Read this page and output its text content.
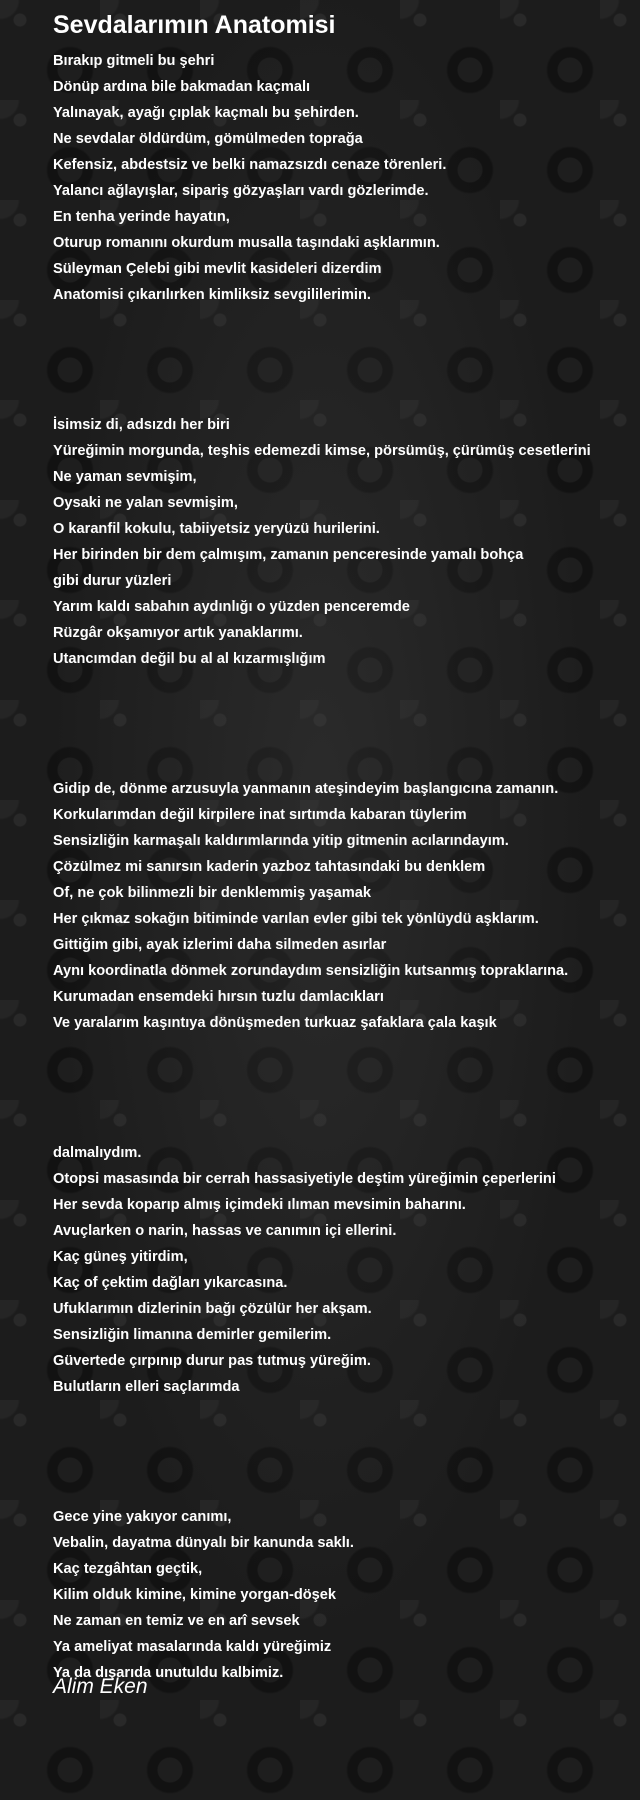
Sevdalarımın Anatomisi
Bırakıp gitmeli bu şehri
Dönüp ardına bile bakmadan kaçmalı
Yalınayak, ayağı çıplak kaçmalı bu şehirden.
Ne sevdalar öldürdüm, gömülmeden toprağa
Kefensiz, abdestsiz ve belki namazsızdı cenaze törenleri.
Yalancı ağlayışlar, sipariş gözyaşları vardı gözlerimde.
En tenha yerinde hayatın,
Oturup romanını okurdum musalla taşındaki aşklarımın.
Süleyman Çelebi gibi mevlit kasideleri dizerdim
Anatomisi çıkarılırken kimliksiz sevgililerimin.
İsimsiz di, adsızdı her biri
Yüreğimin morgunda, teşhis edemezdi kimse, pörsümüş, çürümüş cesetlerini
Ne yaman sevmişim,
Oysaki ne yalan sevmişim,
O karanfil kokulu, tabiiyetsiz yeryüzü hurilerini.
Her birinden bir dem çalmışım, zamanın penceresinde yamalı bohça
gibi durur yüzleri
Yarım kaldı sabahın aydınlığı o yüzden penceremde
Rüzgâr okşamıyor artık yanaklarımı.
Utancımdan değil bu al al kızarmışlığım
Gidip de, dönme arzusuyla yanmanın ateşindeyim başlangıcına zamanın.
Korkularımdan değil kirpilere inat sırtımda kabaran tüylerim
Sensizliğin karmaşalı kaldırımlarında yitip gitmenin acılarındayım.
Çözülmez mi sanırsın kaderin yazboz tahtasındaki bu denklem
Of, ne çok bilinmezli bir denklemmiş yaşamak
Her çıkmaz sokağın bitiminde varılan evler gibi tek yönlüydü aşklarım.
Gittiğim gibi, ayak izlerimi daha silmeden asırlar
Aynı koordinatla dönmek zorundaydım sensizliğin kutsanmış topraklarına.
Kurumadan ensemdeki hırsın tuzlu damlacıkları
Ve yaralarım kaşıntıya dönüşmeden turkuaz şafaklara çala kaşık
dalmalıydım.
Otopsi masasında bir cerrah hassasiyetiyle deştim yüreğimin çeperlerini
Her sevda koparıp almış içimdeki ılıman mevsimin baharını.
Avuçlarken o narin, hassas ve canımın içi ellerini.
Kaç güneş yitirdim,
Kaç of çektim dağları yıkarcasına.
Ufuklarımın dizlerinin bağı çözülür her akşam.
Sensizliğin limanına demirler gemilerim.
Güvertede çırpınıp durur pas tutmuş yüreğim.
Bulutların elleri saçlarımda
Gece yine yakıyor canımı,
Vebalin, dayatma dünyalı bir kanunda saklı.
Kaç tezgâhtan geçtik,
Kilim olduk kimine, kimine yorgan-döşek
Ne zaman en temiz ve en arî sevsek
Ya ameliyat masalarında kaldı yüreğimiz
Ya da dışarıda unutuldu kalbimiz.
Alim Eken
